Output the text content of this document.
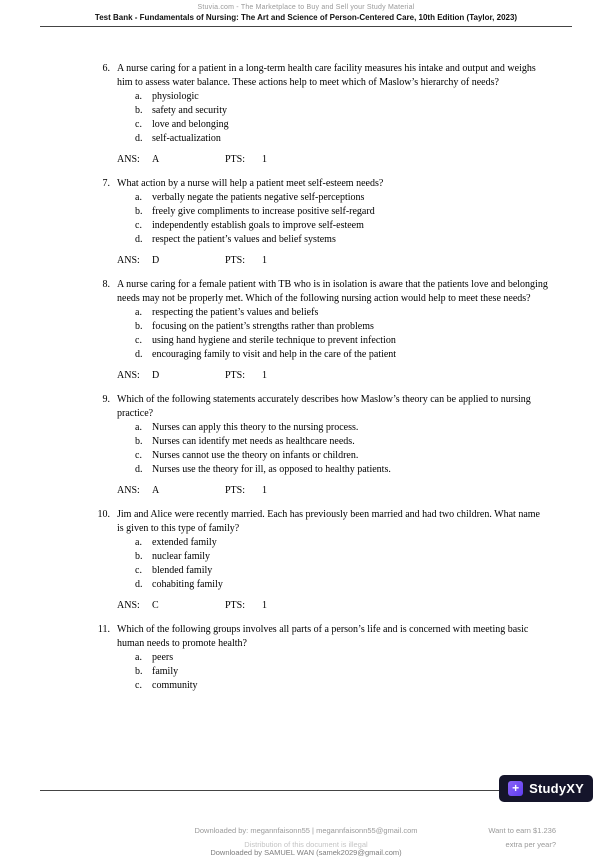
Stuvia.com - The Marketplace to Buy and Sell your Study Material
Test Bank - Fundamentals of Nursing: The Art and Science of Person-Centered Care, 10th Edition (Taylor, 2023)
6. A nurse caring for a patient in a long-term health care facility measures his intake and output and weighs him to assess water balance. These actions help to meet which of Maslow’s hierarchy of needs?
a.	physiologic
b. safety and security
c.	love and belonging
d. self-actualization
ANS:	A	PTS:	1
7. What action by a nurse will help a patient meet self-esteem needs?
a.	verbally negate the patients negative self-perceptions
b. freely give compliments to increase positive self-regard
c.	independently establish goals to improve self-esteem
d. respect the patient’s values and belief systems
ANS:	D	PTS:	1
8. A nurse caring for a female patient with TB who is in isolation is aware that the patients love and belonging needs may not be properly met. Which of the following nursing action would help to meet these needs?
a.	respecting the patient’s values and beliefs
b. focusing on the patient’s strengths rather than problems
c.	using hand hygiene and sterile technique to prevent infection
d. encouraging family to visit and help in the care of the patient
ANS:	D	PTS:	1
9. Which of the following statements accurately describes how Maslow’s theory can be applied to nursing practice?
a.	Nurses can apply this theory to the nursing process.
b. Nurses can identify met needs as healthcare needs.
c.	Nurses cannot use the theory on infants or children.
d. Nurses use the theory for ill, as opposed to healthy patients.
ANS:	A	PTS:	1
10. Jim and Alice were recently married. Each has previously been married and had two children. What name is given to this type of family?
a.	extended family
b. nuclear family
c.	blended family
d. cohabiting family
ANS:	C	PTS:	1
11. Which of the following groups involves all parts of a person’s life and is concerned with meeting basic human needs to promote health?
a.	peers
b. family
c.	community
+ StudyXY
Downloaded by: megannfaisonn55 | megannfaisonn55@gmail.com	Want to earn $1.236
Distribution of this document is illegal	extra per year?
Downloaded by SAMUEL WAN (samek2029@gmail.com)
